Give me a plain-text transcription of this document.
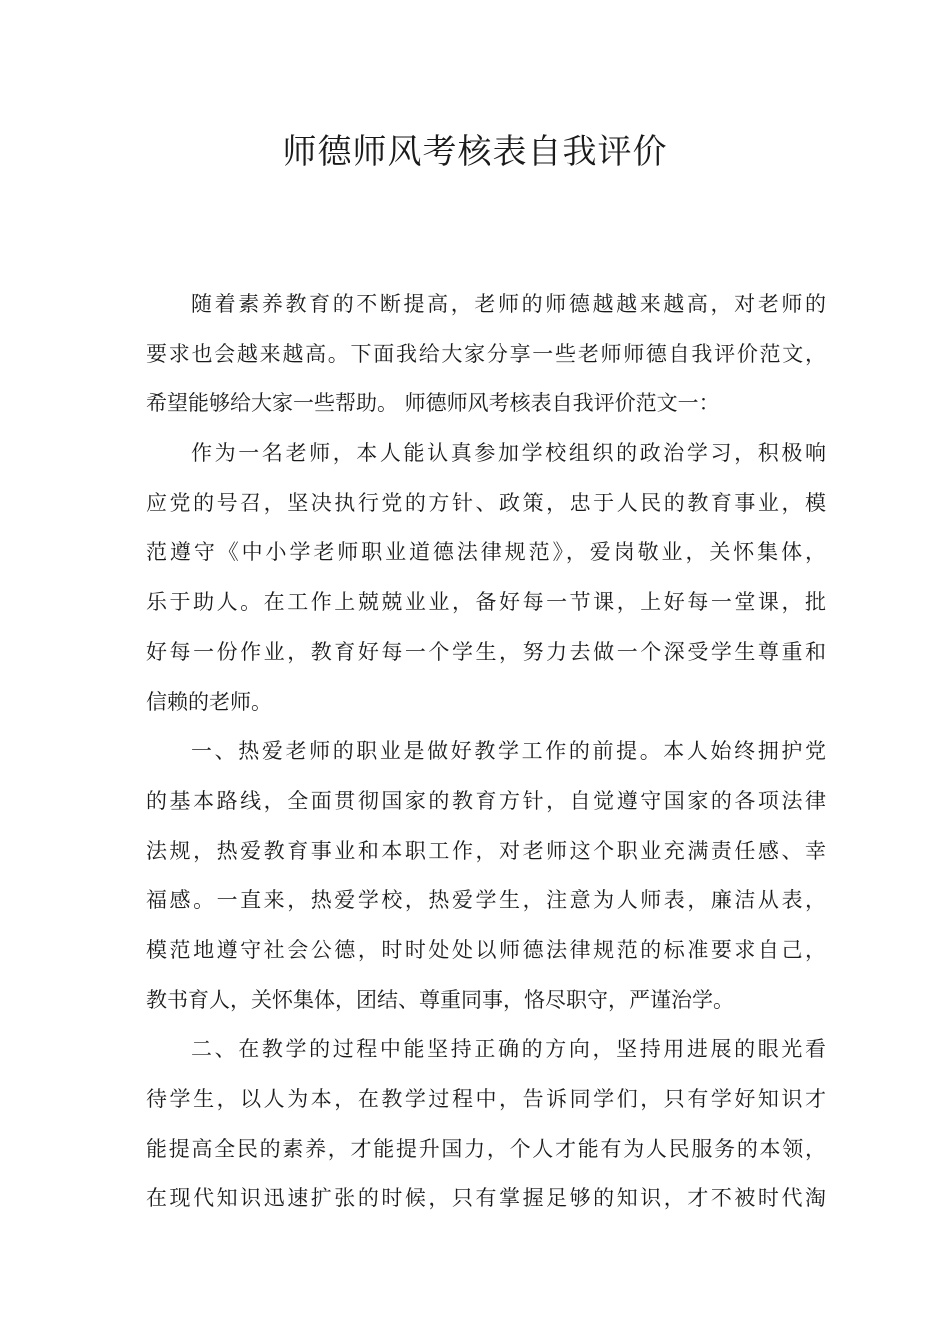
师德师风考核表自我评价
随着素养教育的不断提高，老师的师德越越来越高，对老师的
要求也会越来越高。下面我给大家分享一些老师师德自我评价范文，
希望能够给大家一些帮助。 师德师风考核表自我评价范文一：
作为一名老师，本人能认真参加学校组织的政治学习，积极响
应党的号召，坚决执行党的方针、政策，忠于人民的教育事业，模
范遵守《中小学老师职业道德法律规范》，爱岗敬业，关怀集体，
乐于助人。在工作上兢兢业业，备好每一节课，上好每一堂课，批
好每一份作业，教育好每一个学生，努力去做一个深受学生尊重和
信赖的老师。
一、热爱老师的职业是做好教学工作的前提。本人始终拥护党
的基本路线，全面贯彻国家的教育方针，自觉遵守国家的各项法律
法规，热爱教育事业和本职工作，对老师这个职业充满责任感、幸
福感。一直来，热爱学校，热爱学生，注意为人师表，廉洁从表，
模范地遵守社会公德，时时处处以师德法律规范的标准要求自己，
教书育人，关怀集体，团结、尊重同事，恪尽职守，严谨治学。
二、在教学的过程中能坚持正确的方向，坚持用进展的眼光看
待学生，以人为本，在教学过程中，告诉同学们，只有学好知识才
能提高全民的素养，才能提升国力，个人才能有为人民服务的本领，
在现代知识迅速扩张的时候，只有掌握足够的知识，才不被时代淘
